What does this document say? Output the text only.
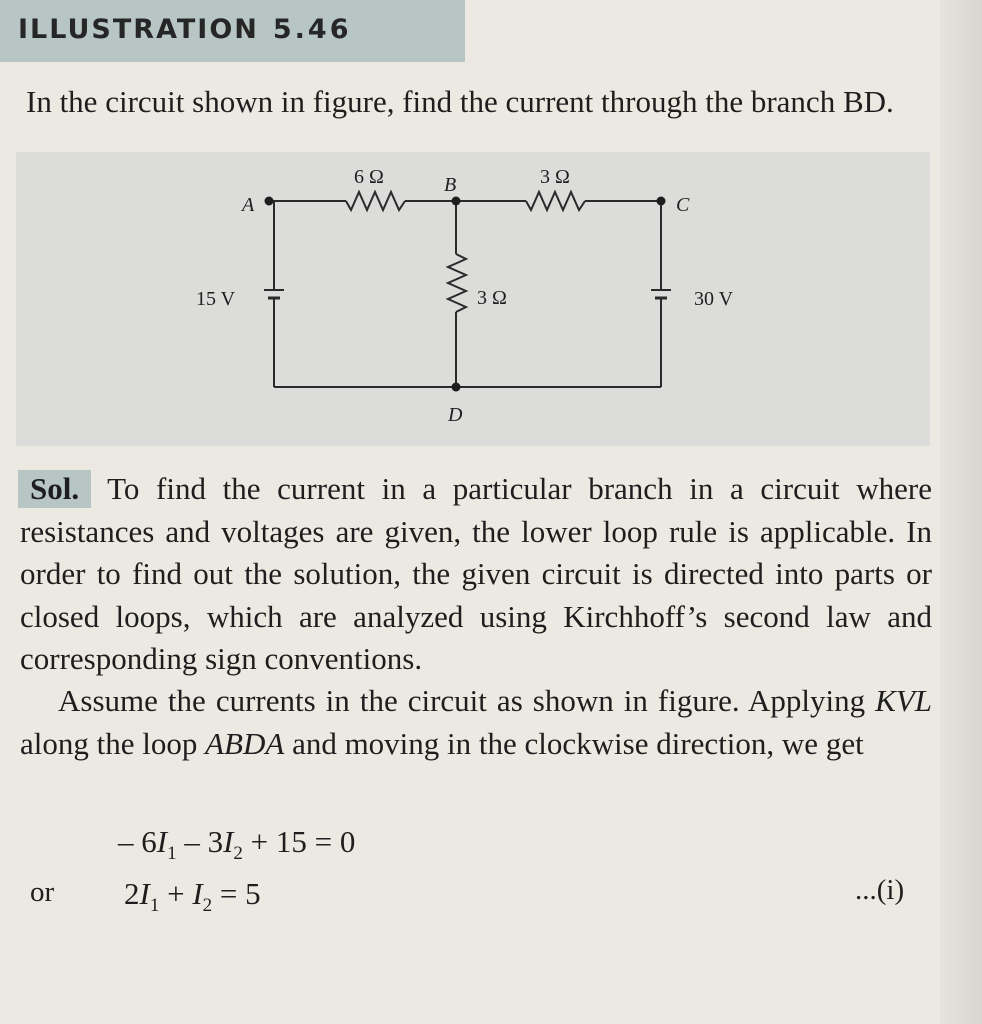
ILLUSTRATION 5.46

In the circuit shown in figure, find the current through the branch BD.

6 Ω	B	3 Ω
A	C
15 V	3 Ω	30 V
D

Sol. To find the current in a particular branch in a circuit where resistances and voltages are given, the lower loop rule is applicable. In order to find out the solution, the given circuit is directed into parts or closed loops, which are analyzed using Kirchhoff’s second law and corresponding sign conventions.

Assume the currents in the circuit as shown in figure. Applying KVL along the loop ABDA and moving in the clockwise direction, we get

– $6I_1 - 3I_2 + 15 = 0$
or $2I_1 + I_2 = 5$	...(i)
